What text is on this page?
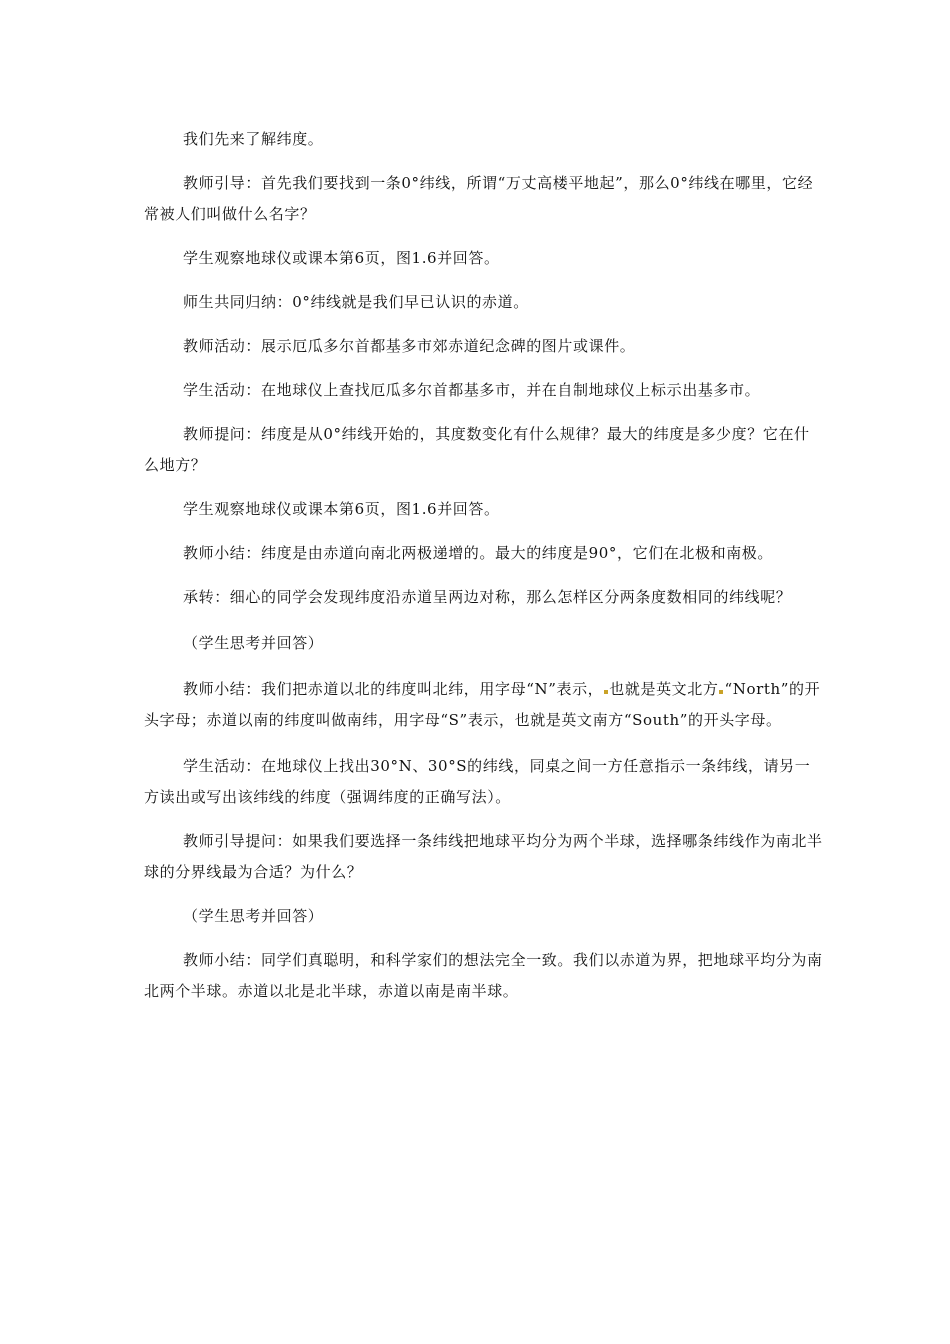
我们先来了解纬度。

教师引导：首先我们要找到一条0°纬线，所谓“万丈高楼平地起”，那么0°纬线在哪里，它经常被人们叫做什么名字？

学生观察地球仪或课本第6页，图1.6并回答。

师生共同归纳：0°纬线就是我们早已认识的赤道。

教师活动：展示厄瓜多尔首都基多市郊赤道纪念碑的图片或课件。

学生活动：在地球仪上查找厄瓜多尔首都基多市，并在自制地球仪上标示出基多市。

教师提问：纬度是从0°纬线开始的，其度数变化有什么规律？最大的纬度是多少度？它在什么地方？

学生观察地球仪或课本第6页，图1.6并回答。

教师小结：纬度是由赤道向南北两极递增的。最大的纬度是90°，它们在北极和南极。

承转：细心的同学会发现纬度沿赤道呈两边对称，那么怎样区分两条度数相同的纬线呢？

（学生思考并回答）

教师小结：我们把赤道以北的纬度叫北纬，用字母“N”表示， 也就是英文北方 “North”的开头字母；赤道以南的纬度叫做南纬，用字母“S”表示，也就是英文南方“South”的开头字母。

学生活动：在地球仪上找出30°N、30°S的纬线，同桌之间一方任意指示一条纬线，请另一方读出或写出该纬线的纬度（强调纬度的正确写法）。

教师引导提问：如果我们要选择一条纬线把地球平均分为两个半球，选择哪条纬线作为南北半球的分界线最为合适？为什么？

（学生思考并回答）

教师小结：同学们真聪明，和科学家们的想法完全一致。我们以赤道为界，把地球平均分为南北两个半球。赤道以北是北半球，赤道以南是南半球。
